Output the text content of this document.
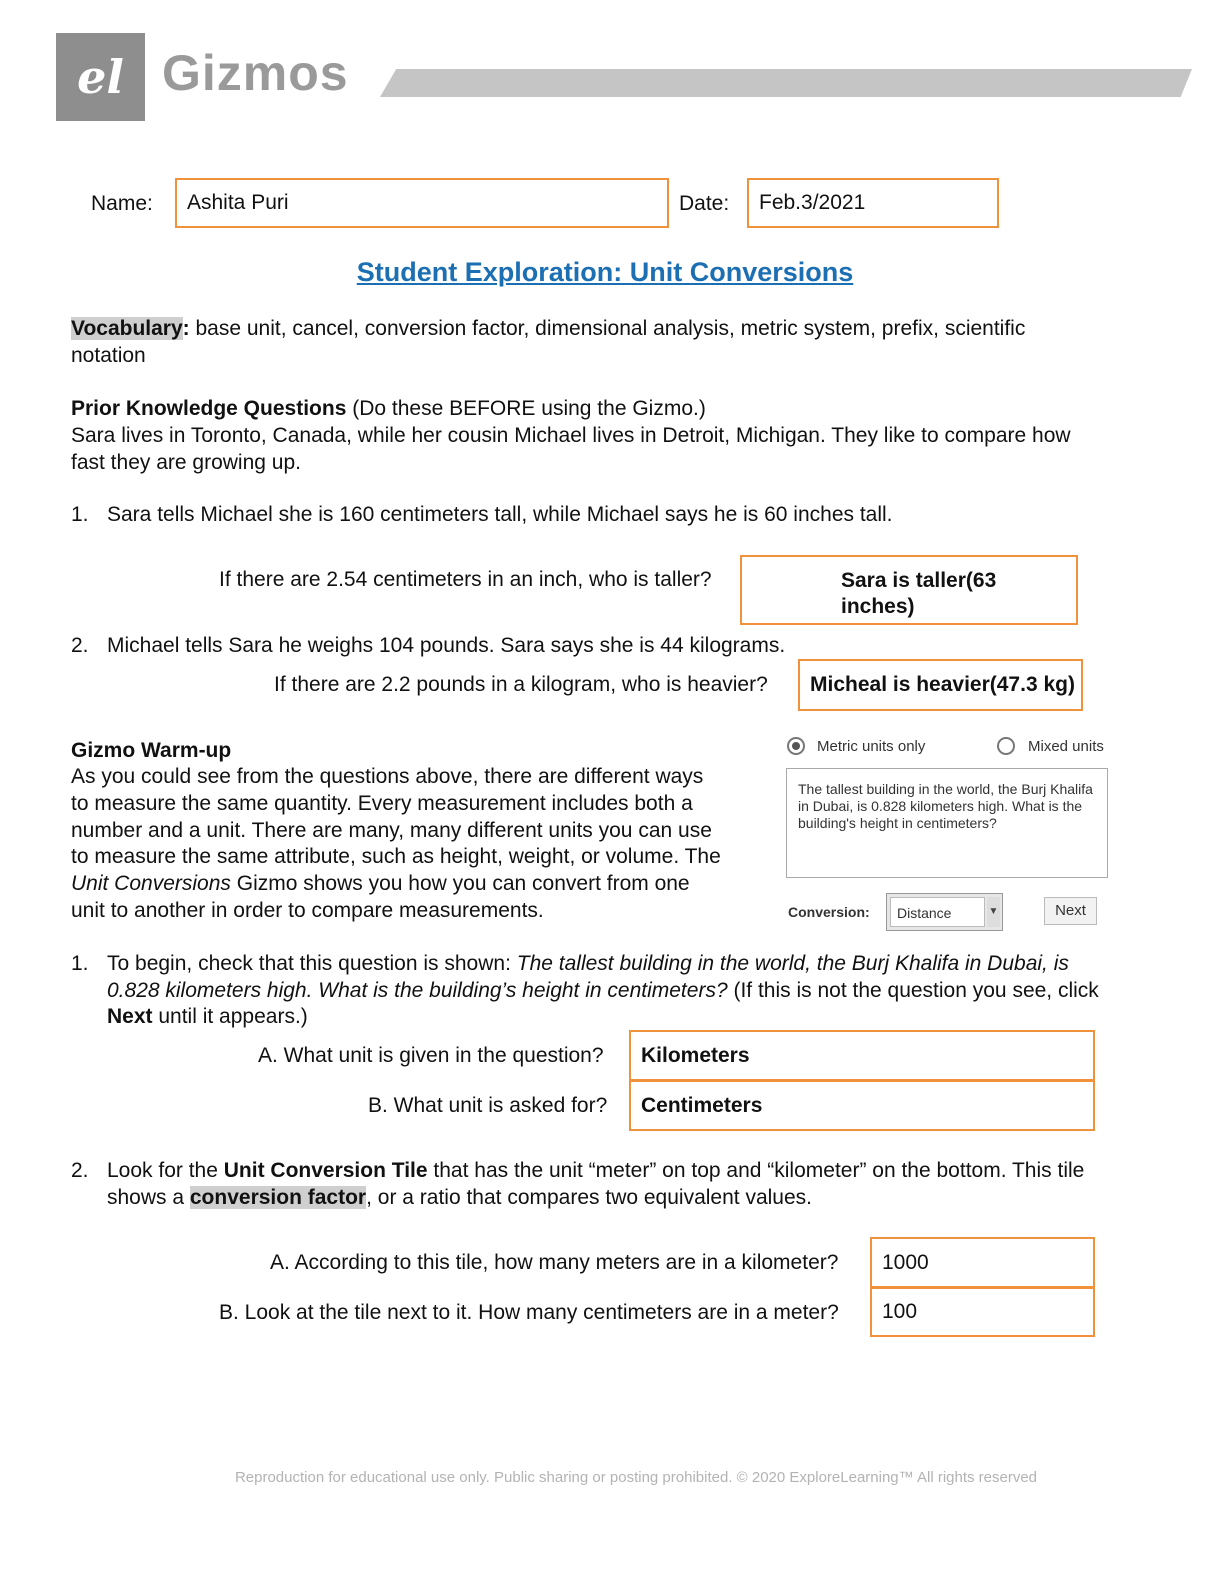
el Gizmos
Name: Ashita Puri	Date: Feb.3/2021
Student Exploration: Unit Conversions
Vocabulary: base unit, cancel, conversion factor, dimensional analysis, metric system, prefix, scientific
notation
Prior Knowledge Questions (Do these BEFORE using the Gizmo.)
Sara lives in Toronto, Canada, while her cousin Michael lives in Detroit, Michigan. They like to compare how
fast they are growing up.
1. Sara tells Michael she is 160 centimeters tall, while Michael says he is 60 inches tall.
If there are 2.54 centimeters in an inch, who is taller?	Sara is taller(63
inches)
2. Michael tells Sara he weighs 104 pounds. Sara says she is 44 kilograms.
If there are 2.2 pounds in a kilogram, who is heavier? Micheal is heavier(47.3 kg)
Gizmo Warm-up
As you could see from the questions above, there are different ways
to measure the same quantity. Every measurement includes both a
number and a unit. There are many, many different units you can use
to measure the same attribute, such as height, weight, or volume. The
Unit Conversions Gizmo shows you how you can convert from one
unit to another in order to compare measurements.
Metric units only	Mixed units
The tallest building in the world, the Burj Khalifa in Dubai, is 0.828 kilometers high. What is the building's height in centimeters?
Conversion:	Distance	▼	Next
1. To begin, check that this question is shown: The tallest building in the world, the Burj Khalifa in Dubai, is
0.828 kilometers high. What is the building’s height in centimeters? (If this is not the question you see, click
Next until it appears.)
A. What unit is given in the question? Kilometers
B. What unit is asked for? Centimeters
2. Look for the Unit Conversion Tile that has the unit “meter” on top and “kilometer” on the bottom. This tile
shows a conversion factor, or a ratio that compares two equivalent values.
A. According to this tile, how many meters are in a kilometer? 1000
B. Look at the tile next to it. How many centimeters are in a meter? 100
Reproduction for educational use only. Public sharing or posting prohibited. © 2020 ExploreLearning™ All rights reserved
